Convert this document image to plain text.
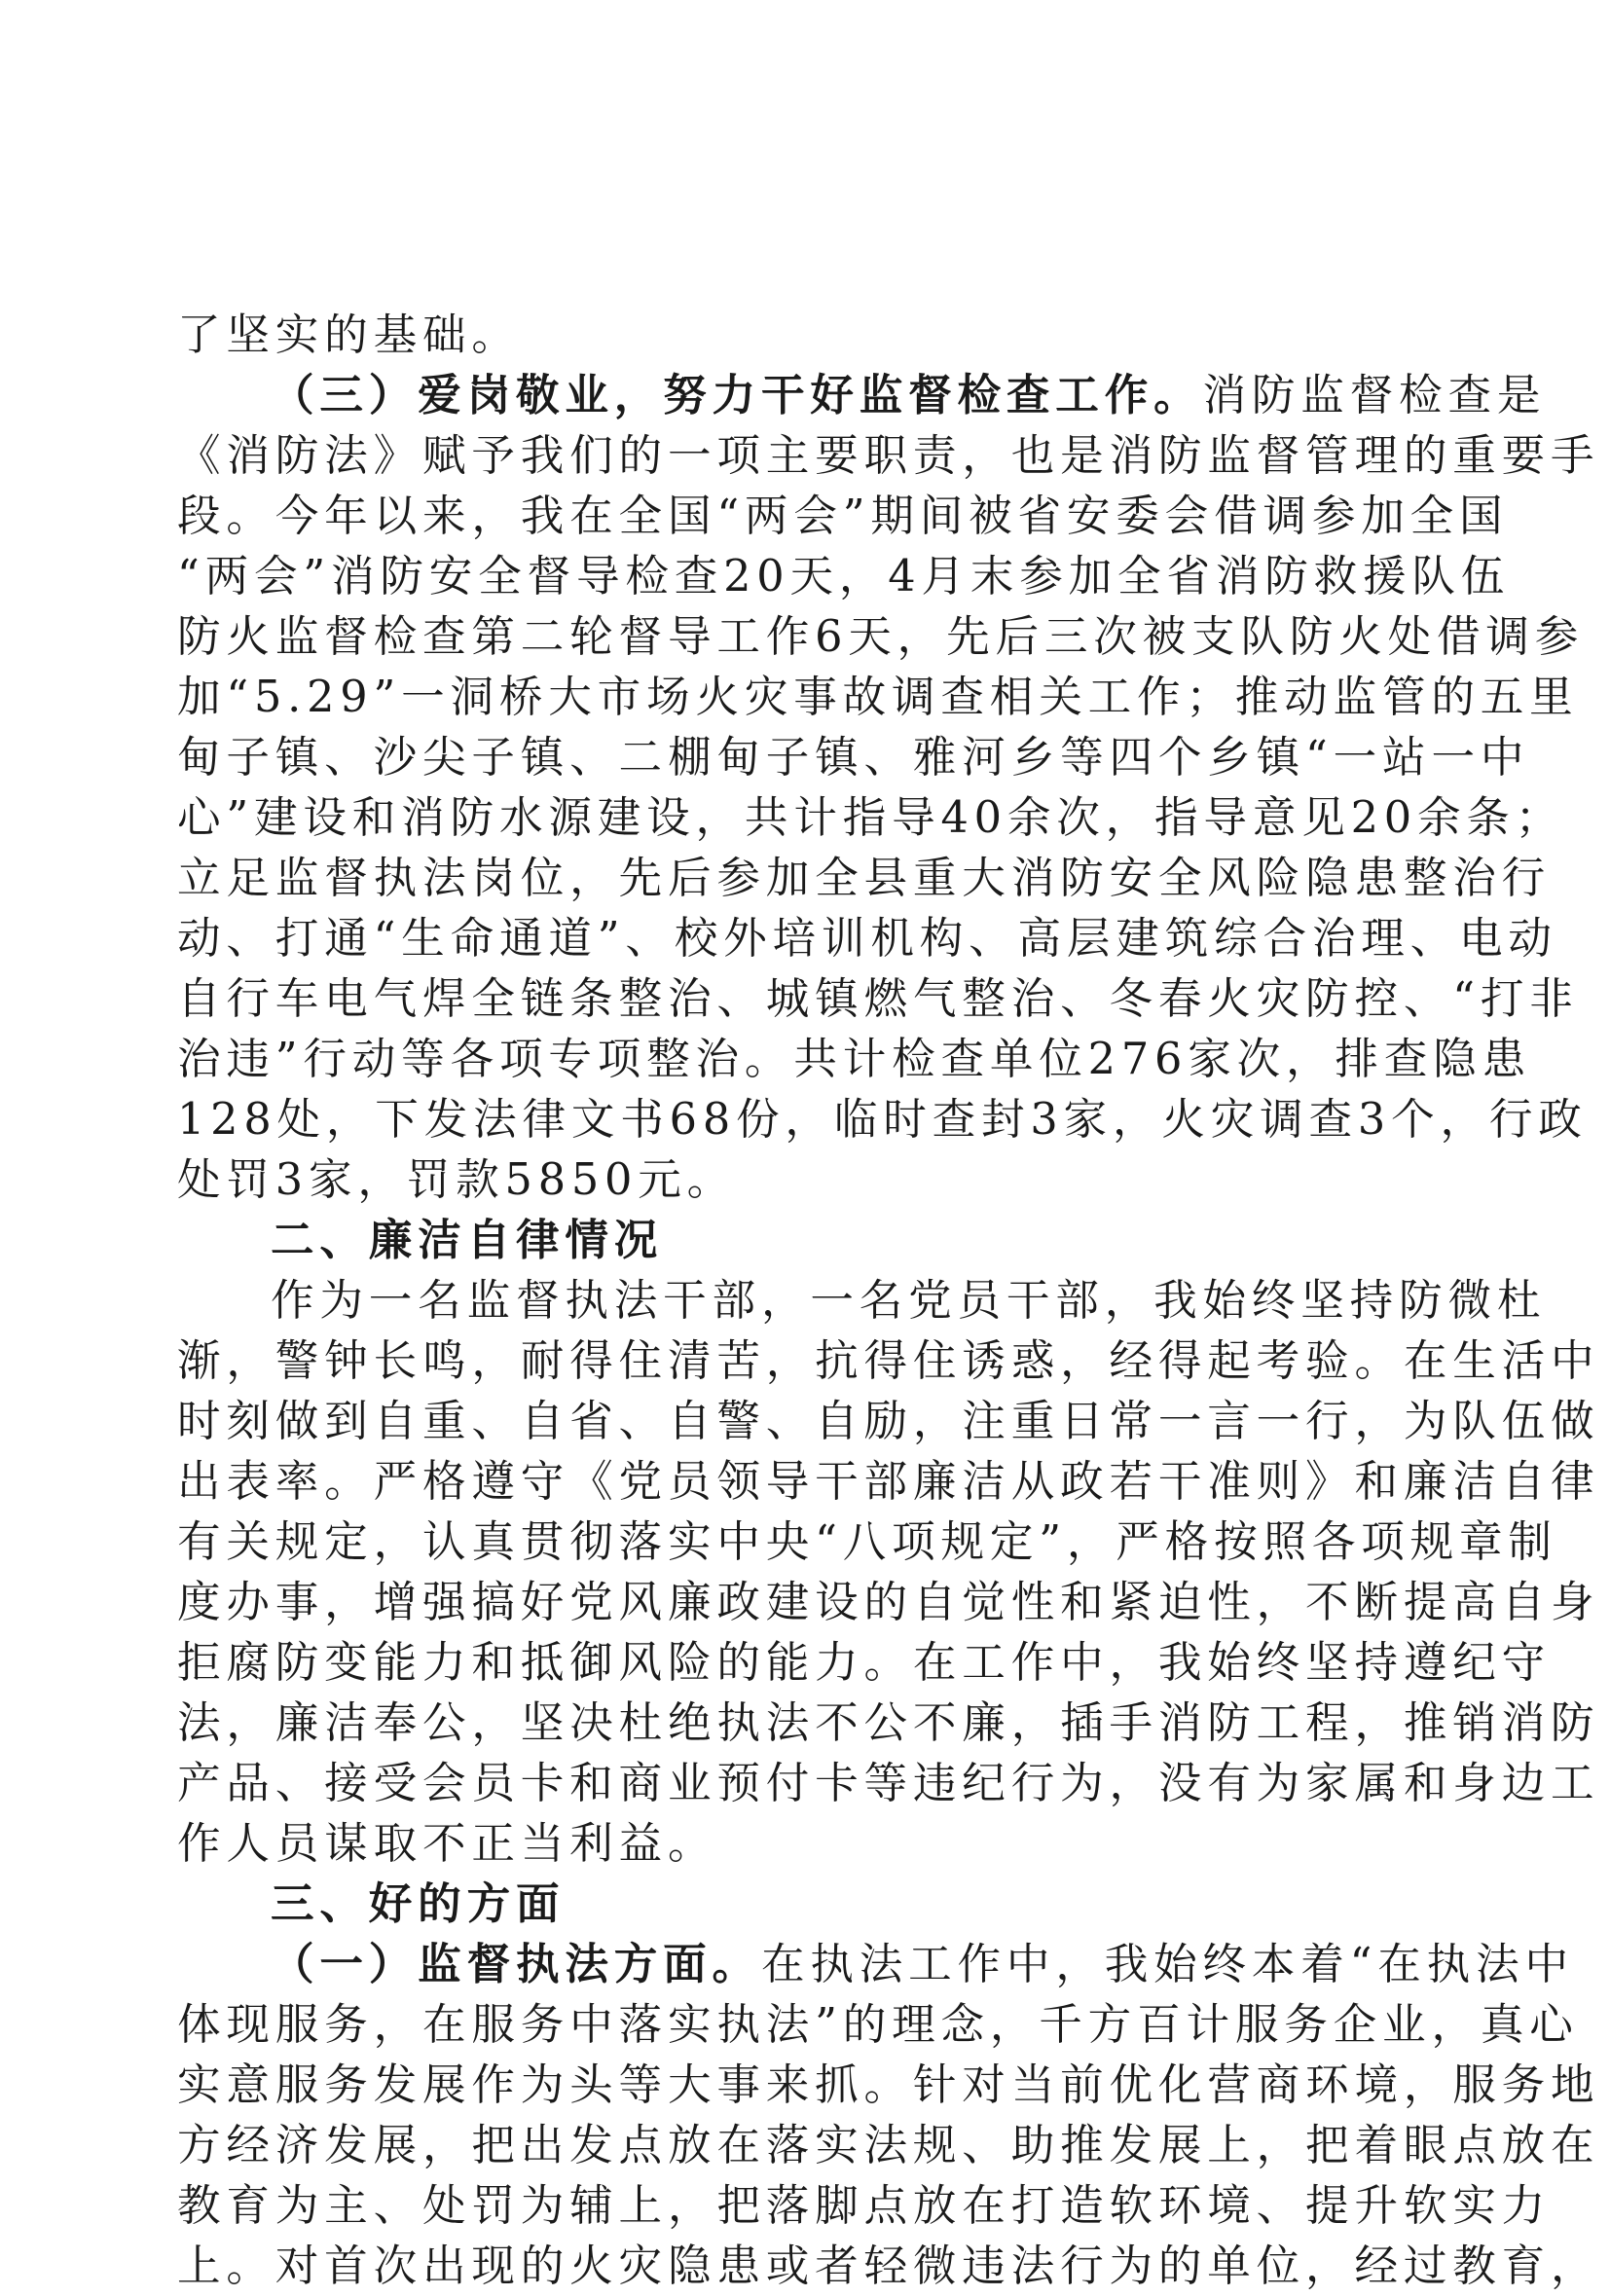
了坚实的基础。
（三）爱岗敬业，努力干好监督检查工作。消防监督检查是
《消防法》赋予我们的一项主要职责，也是消防监督管理的重要手
段。今年以来，我在全国“两会”期间被省安委会借调参加全国
“两会”消防安全督导检查20天，4月末参加全省消防救援队伍
防火监督检查第二轮督导工作6天，先后三次被支队防火处借调参
加“5.29”一洞桥大市场火灾事故调查相关工作；推动监管的五里
甸子镇、沙尖子镇、二棚甸子镇、雅河乡等四个乡镇“一站一中
心”建设和消防水源建设，共计指导40余次，指导意见20余条；
立足监督执法岗位，先后参加全县重大消防安全风险隐患整治行
动、打通“生命通道”、校外培训机构、高层建筑综合治理、电动
自行车电气焊全链条整治、城镇燃气整治、冬春火灾防控、“打非
治违”行动等各项专项整治。共计检查单位276家次，排查隐患
128处，下发法律文书68份，临时查封3家，火灾调查3个，行政
处罚3家，罚款5850元。
二、廉洁自律情况
作为一名监督执法干部，一名党员干部，我始终坚持防微杜
渐，警钟长鸣，耐得住清苦，抗得住诱惑，经得起考验。在生活中
时刻做到自重、自省、自警、自励，注重日常一言一行，为队伍做
出表率。严格遵守《党员领导干部廉洁从政若干准则》和廉洁自律
有关规定，认真贯彻落实中央“八项规定”，严格按照各项规章制
度办事，增强搞好党风廉政建设的自觉性和紧迫性，不断提高自身
拒腐防变能力和抵御风险的能力。在工作中，我始终坚持遵纪守
法，廉洁奉公，坚决杜绝执法不公不廉，插手消防工程，推销消防
产品、接受会员卡和商业预付卡等违纪行为，没有为家属和身边工
作人员谋取不正当利益。
三、好的方面
（一）监督执法方面。在执法工作中，我始终本着“在执法中
体现服务，在服务中落实执法”的理念，千方百计服务企业，真心
实意服务发展作为头等大事来抓。针对当前优化营商环境，服务地
方经济发展，把出发点放在落实法规、助推发展上，把着眼点放在
教育为主、处罚为辅上，把落脚点放在打造软环境、提升软实力
上。对首次出现的火灾隐患或者轻微违法行为的单位，经过教育，
